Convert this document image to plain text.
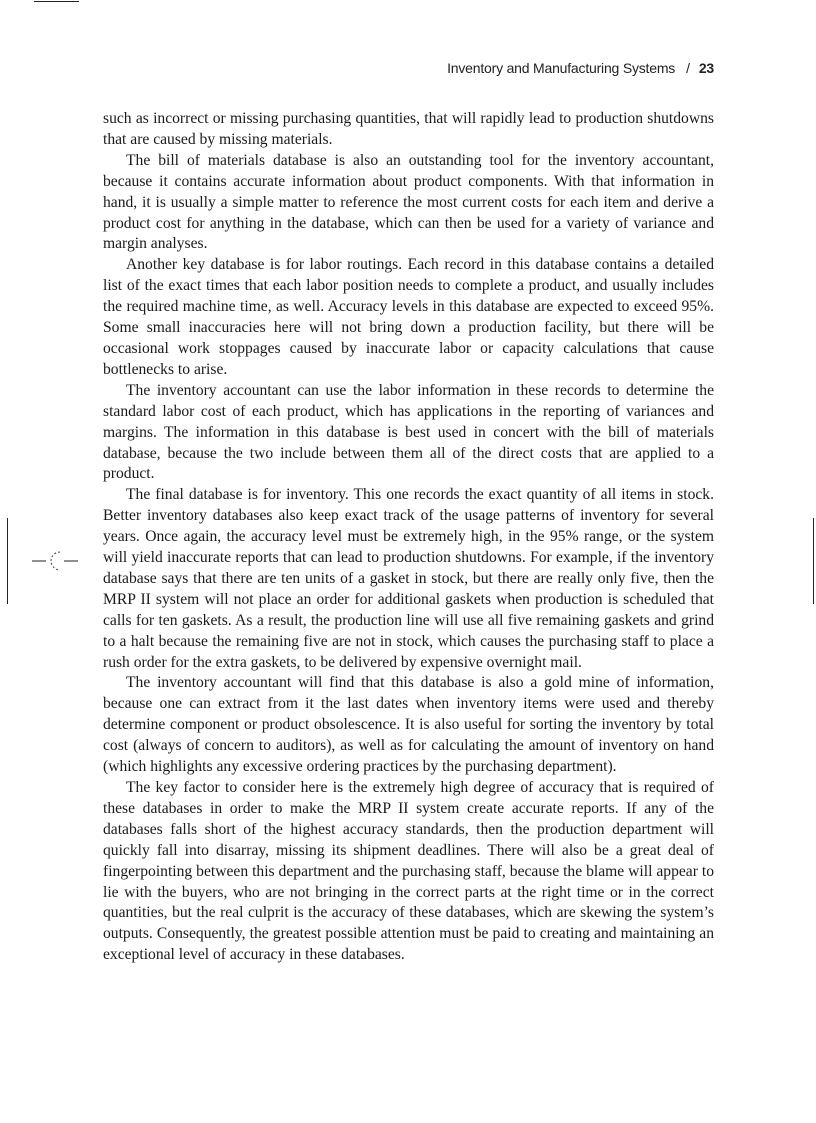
Inventory and Manufacturing Systems / 23

such as incorrect or missing purchasing quantities, that will rapidly lead to production shutdowns that are caused by missing materials.

The bill of materials database is also an outstanding tool for the inventory accountant, because it contains accurate information about product components. With that information in hand, it is usually a simple matter to reference the most current costs for each item and derive a product cost for anything in the database, which can then be used for a variety of variance and margin analyses.

Another key database is for labor routings. Each record in this database contains a detailed list of the exact times that each labor position needs to complete a product, and usually includes the required machine time, as well. Accuracy levels in this database are expected to exceed 95%. Some small inaccuracies here will not bring down a production facility, but there will be occasional work stoppages caused by inaccurate labor or capacity calculations that cause bottlenecks to arise.

The inventory accountant can use the labor information in these records to determine the standard labor cost of each product, which has applications in the reporting of variances and margins. The information in this database is best used in concert with the bill of materials database, because the two include between them all of the direct costs that are applied to a product.

The final database is for inventory. This one records the exact quantity of all items in stock. Better inventory databases also keep exact track of the usage patterns of inventory for several years. Once again, the accuracy level must be extremely high, in the 95% range, or the system will yield inaccurate reports that can lead to production shutdowns. For example, if the inventory database says that there are ten units of a gasket in stock, but there are really only five, then the MRP II system will not place an order for additional gaskets when production is scheduled that calls for ten gaskets. As a result, the production line will use all five remaining gaskets and grind to a halt because the remaining five are not in stock, which causes the purchasing staff to place a rush order for the extra gaskets, to be delivered by expensive overnight mail.

The inventory accountant will find that this database is also a gold mine of information, because one can extract from it the last dates when inventory items were used and thereby determine component or product obsolescence. It is also useful for sorting the inventory by total cost (always of concern to auditors), as well as for calculating the amount of inventory on hand (which highlights any excessive ordering practices by the purchasing department).

The key factor to consider here is the extremely high degree of accuracy that is required of these databases in order to make the MRP II system create accurate reports. If any of the databases falls short of the highest accuracy standards, then the production department will quickly fall into disarray, missing its shipment deadlines. There will also be a great deal of fingerpointing between this department and the purchasing staff, because the blame will appear to lie with the buyers, who are not bringing in the correct parts at the right time or in the correct quantities, but the real culprit is the accuracy of these databases, which are skewing the system’s outputs. Consequently, the greatest possible attention must be paid to creating and maintaining an exceptional level of accuracy in these databases.
